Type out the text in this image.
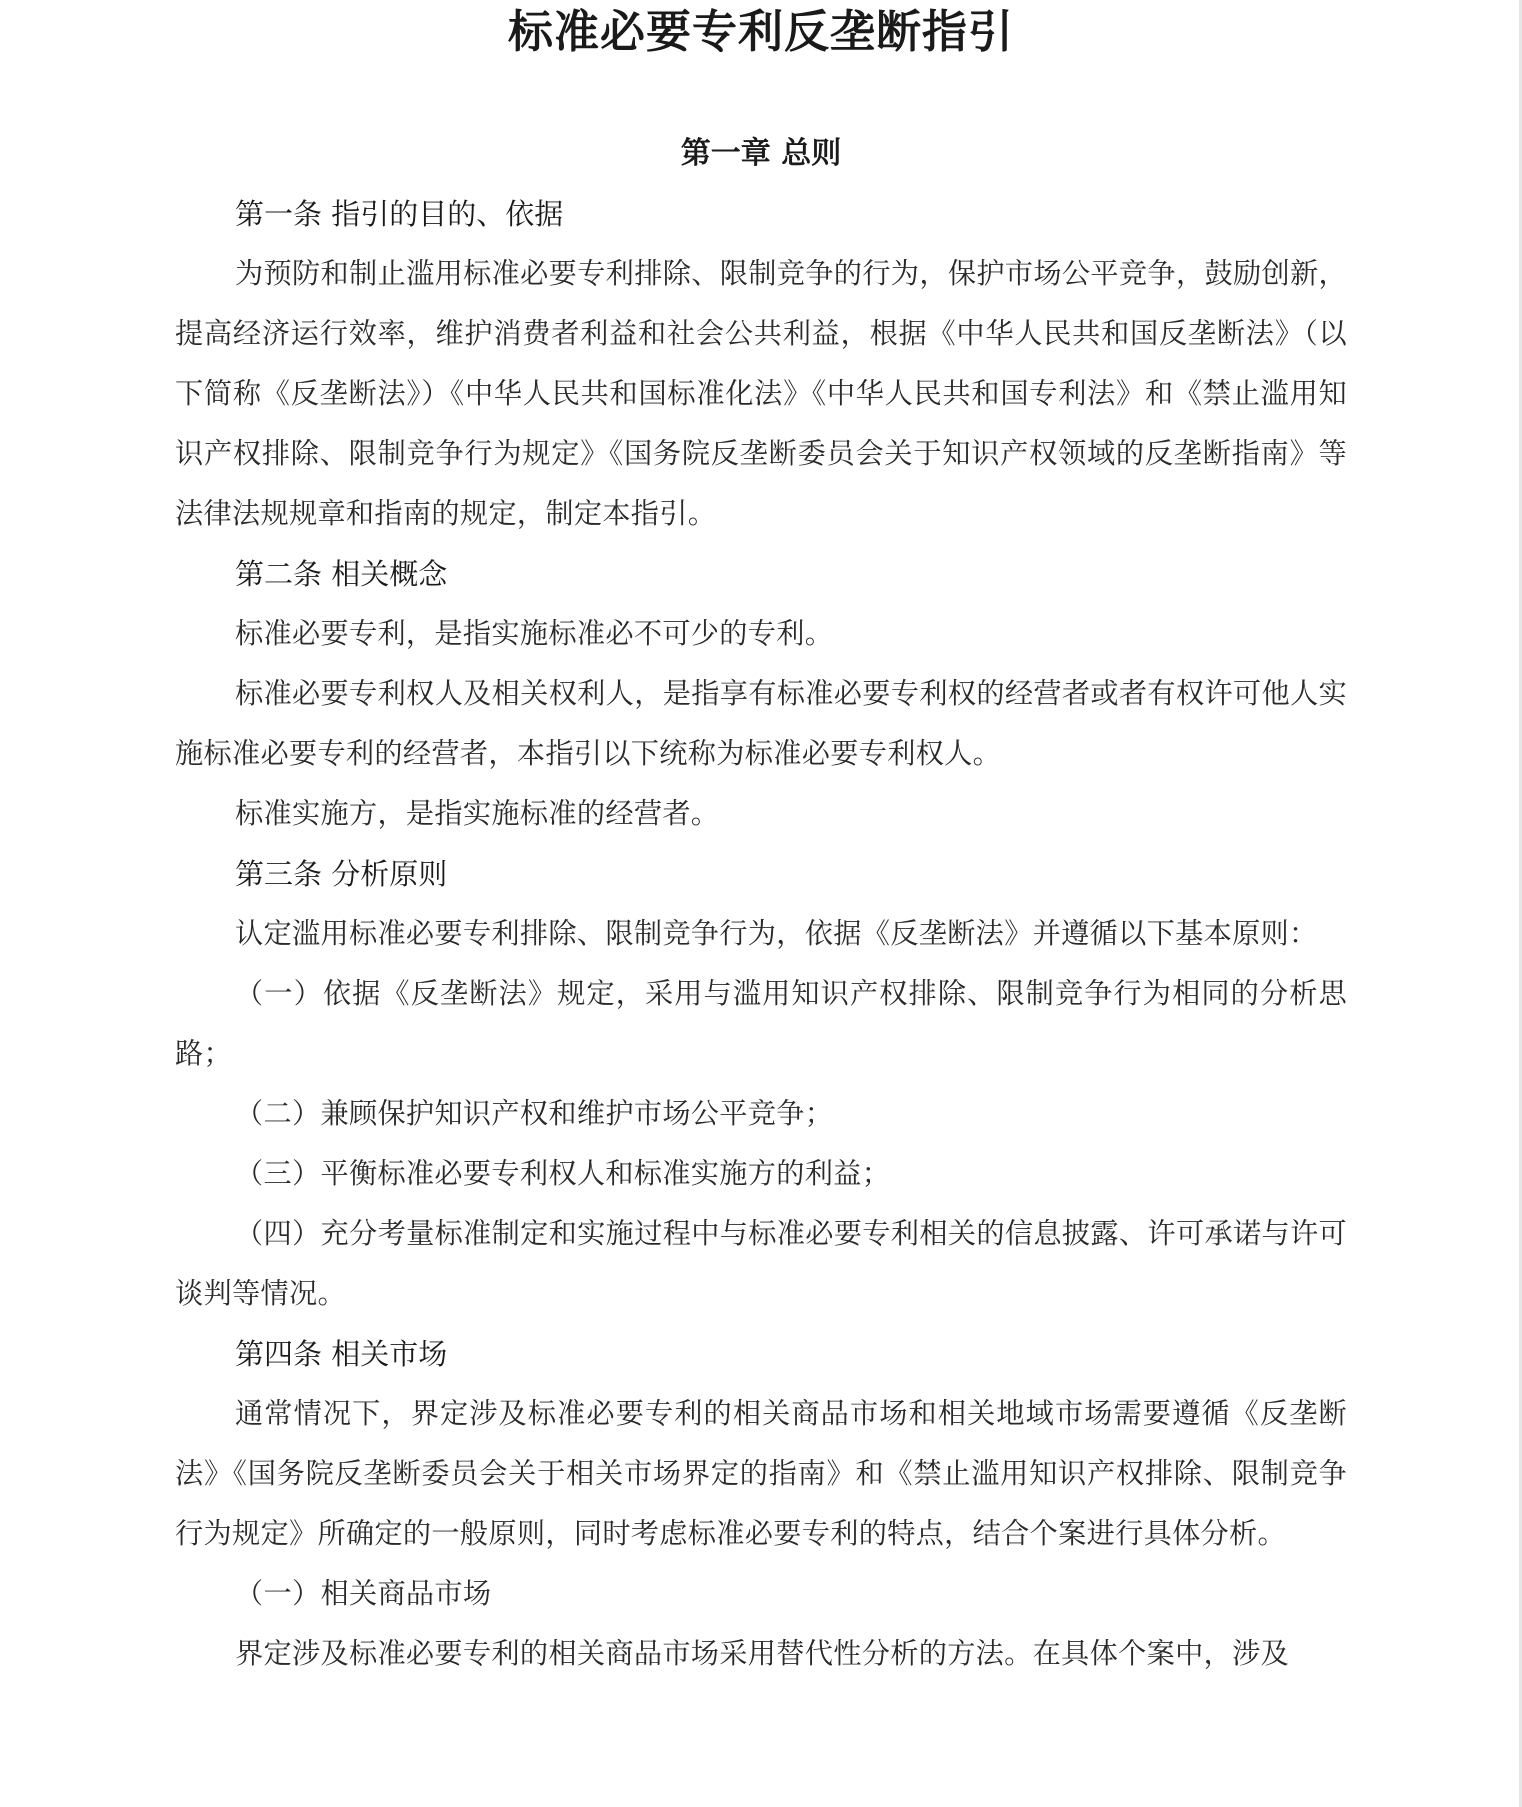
标准必要专利反垄断指引
第一章 总则

第一条 指引的目的、依据

为预防和制止滥用标准必要专利排除、限制竞争的行为，保护市场公平竞争，鼓励创新，提高经济运行效率，维护消费者利益和社会公共利益，根据《中华人民共和国反垄断法》（以下简称《反垄断法》）《中华人民共和国标准化法》《中华人民共和国专利法》和《禁止滥用知识产权排除、限制竞争行为规定》《国务院反垄断委员会关于知识产权领域的反垄断指南》等法律法规规章和指南的规定，制定本指引。

第二条 相关概念

标准必要专利，是指实施标准必不可少的专利。

标准必要专利权人及相关权利人，是指享有标准必要专利权的经营者或者有权许可他人实施标准必要专利的经营者，本指引以下统称为标准必要专利权人。

标准实施方，是指实施标准的经营者。

第三条 分析原则

认定滥用标准必要专利排除、限制竞争行为，依据《反垄断法》并遵循以下基本原则：

（一）依据《反垄断法》规定，采用与滥用知识产权排除、限制竞争行为相同的分析思路；

（二）兼顾保护知识产权和维护市场公平竞争；

（三）平衡标准必要专利权人和标准实施方的利益；

（四）充分考量标准制定和实施过程中与标准必要专利相关的信息披露、许可承诺与许可谈判等情况。

第四条 相关市场

通常情况下，界定涉及标准必要专利的相关商品市场和相关地域市场需要遵循《反垄断法》《国务院反垄断委员会关于相关市场界定的指南》和《禁止滥用知识产权排除、限制竞争行为规定》所确定的一般原则，同时考虑标准必要专利的特点，结合个案进行具体分析。

（一）相关商品市场

界定涉及标准必要专利的相关商品市场采用替代性分析的方法。在具体个案中，涉及
